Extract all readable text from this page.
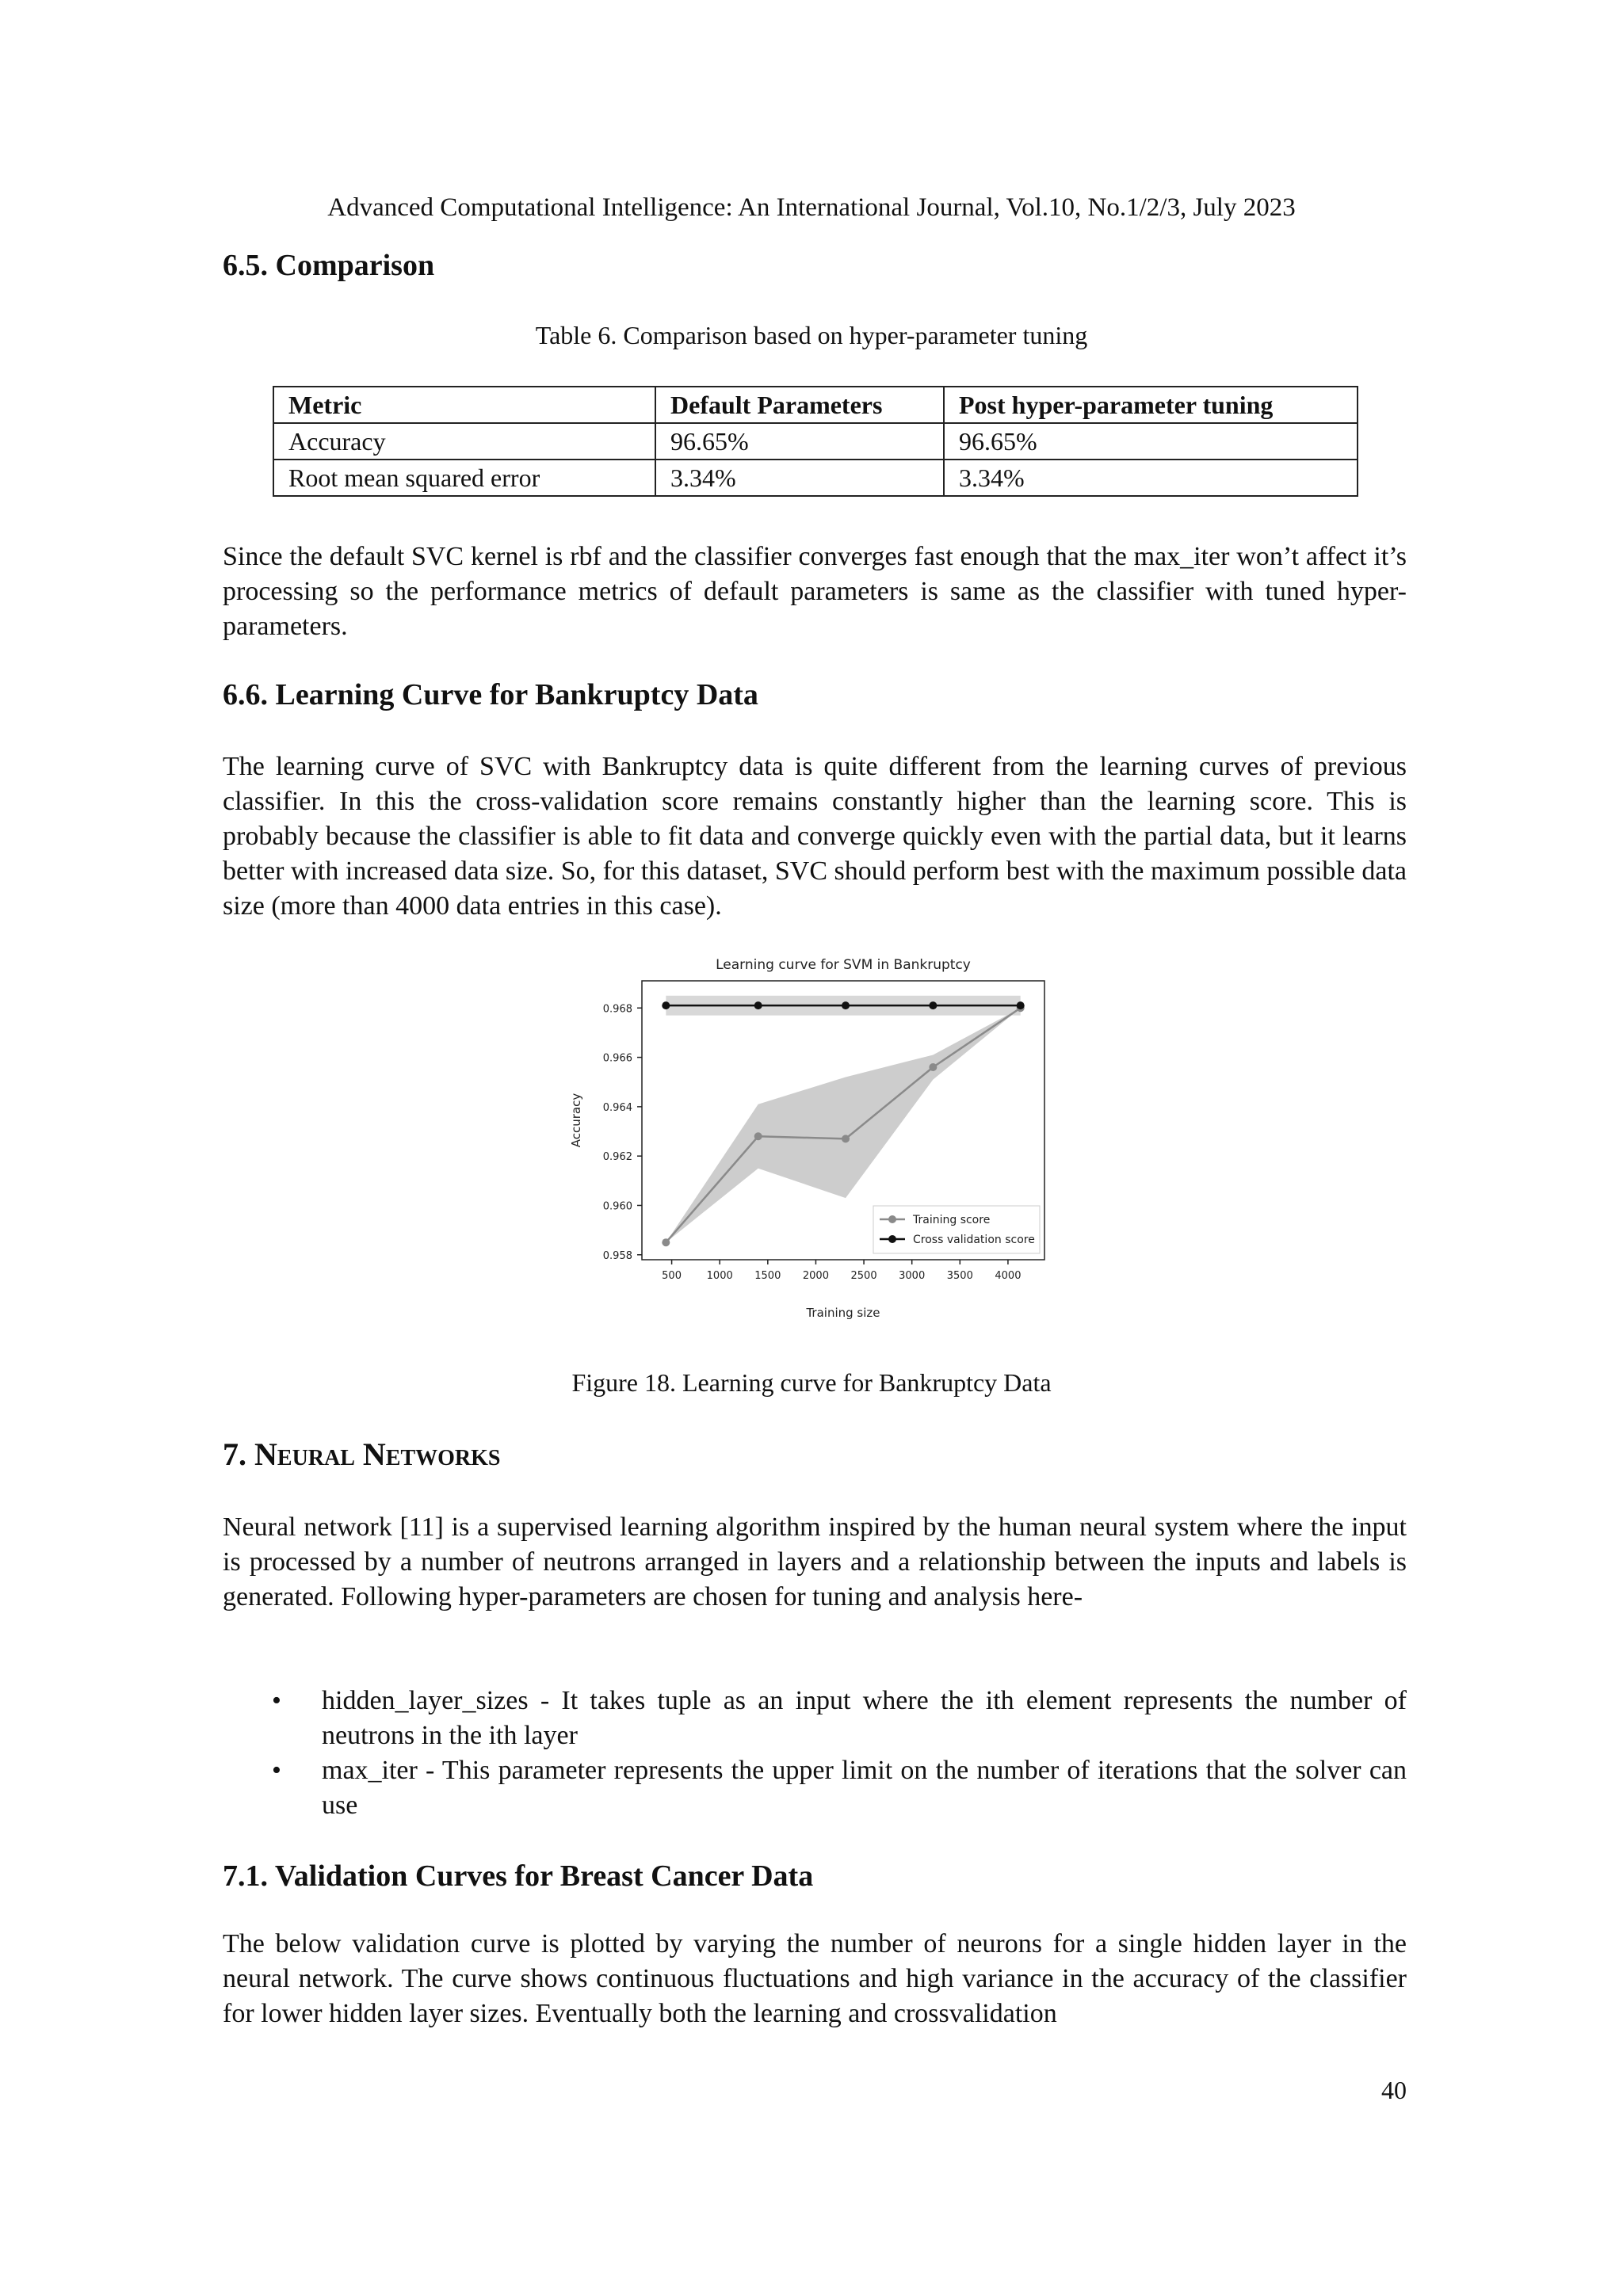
Advanced Computational Intelligence: An International Journal, Vol.10, No.1/2/3, July 2023
6.5. Comparison
Table 6. Comparison based on hyper-parameter tuning
Metric	Default Parameters	Post hyper-parameter tuning
Accuracy	96.65%	96.65%
Root mean squared error	3.34%	3.34%

Since the default SVC kernel is rbf and the classifier converges fast enough that the max_iter won’t affect it’s processing so the performance metrics of default parameters is same as the classifier with tuned hyper-parameters.

6.6. Learning Curve for Bankruptcy Data

The learning curve of SVC with Bankruptcy data is quite different from the learning curves of previous classifier. In this the cross-validation score remains constantly higher than the learning score. This is probably because the classifier is able to fit data and converge quickly even with the partial data, but it learns better with increased data size. So, for this dataset, SVC should perform best with the maximum possible data size (more than 4000 data entries in this case).

Learning curve for SVM in Bankruptcy
0.958
0.960
0.962
0.964
0.966
0.968
500 1000 1500 2000 2500 3000 3500 4000
Training size
Accuracy
Training score
Cross validation score
Figure 18. Learning curve for Bankruptcy Data
7. Neural Networks

Neural network [11] is a supervised learning algorithm inspired by the human neural system where the input is processed by a number of neutrons arranged in layers and a relationship between the inputs and labels is generated. Following hyper-parameters are chosen for tuning and analysis here-

• hidden_layer_sizes - It takes tuple as an input where the ith element represents the number of neutrons in the ith layer
• max_iter - This parameter represents the upper limit on the number of iterations that the solver can use
7.1. Validation Curves for Breast Cancer Data

The below validation curve is plotted by varying the number of neurons for a single hidden layer in the neural network. The curve shows continuous fluctuations and high variance in the accuracy of the classifier for lower hidden layer sizes. Eventually both the learning and crossvalidation

40
